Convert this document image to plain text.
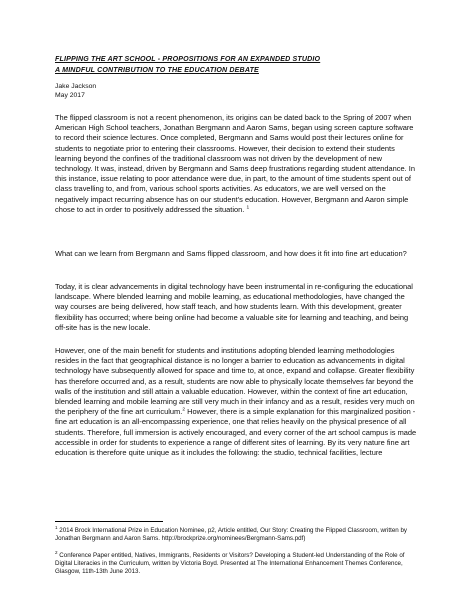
FLIPPING THE ART SCHOOL - PROPOSITIONS FOR AN EXPANDED STUDIO
A MINDFUL CONTRIBUTION TO THE EDUCATION DEBATE
Jake Jackson
May 2017

The flipped classroom is not a recent phenomenon, its origins can be dated back to the Spring of 2007 when American High School teachers, Jonathan Bergmann and Aaron Sams, began using screen capture software to record their science lectures. Once completed, Bergmann and Sams would post their lectures online for students to negotiate prior to entering their classrooms. However, their decision to extend their students learning beyond the confines of the traditional classroom was not driven by the development of new technology. It was, instead, driven by Bergmann and Sams deep frustrations regarding student attendance. In this instance, issue relating to poor attendance were due, in part, to the amount of time students spent out of class travelling to, and from, various school sports activities. As educators, we are well versed on the negatively impact recurring absence has on our student's education. However, Bergmann and Aaron simple chose to act in order to positively addressed the situation. $^1$

What can we learn from Bergmann and Sams flipped classroom, and how does it fit into fine art education?

Today, it is clear advancements in digital technology have been instrumental in re-configuring the educational landscape. Where blended learning and mobile learning, as educational methodologies, have changed the way courses are being delivered, how staff teach, and how students learn. With this development, greater flexibility has occurred; where being online had become a valuable site for learning and teaching, and being off-site has is the new locale.

However, one of the main benefit for students and institutions adopting blended learning methodologies resides in the fact that geographical distance is no longer a barrier to education as advancements in digital technology have subsequently allowed for space and time to, at once, expand and collapse. Greater flexibility has therefore occurred and, as a result, students are now able to physically locate themselves far beyond the walls of the institution and still attain a valuable education. However, within the context of fine art education, blended learning and mobile learning are still very much in their infancy and as a result, resides very much on the periphery of the fine art curriculum.$^2$ However, there is a simple explanation for this marginalized position - fine art education is an all-encompassing experience, one that relies heavily on the physical presence of all students. Therefore, full immersion is actively encouraged, and every corner of the art school campus is made accessible in order for students to experience a range of different sites of learning. By its very nature fine art education is therefore quite unique as it includes the following: the studio, technical facilities, lecture

$^1$ 2014 Brock International Prize in Education Nominee, p2, Article entitled, Our Story: Creating the Flipped Classroom, written by Jonathan Bergmann and Aaron Sams. http://brockprize.org/nominees/Bergmann-Sams.pdf)

$^2$ Conference Paper entitled, Natives, Immigrants, Residents or Visitors? Developing a Student-led Understanding of the Role of Digital Literacies in the Curriculum, written by Victoria Boyd. Presented at The International Enhancement Themes Conference, Glasgow, 11th-13th June 2013.
